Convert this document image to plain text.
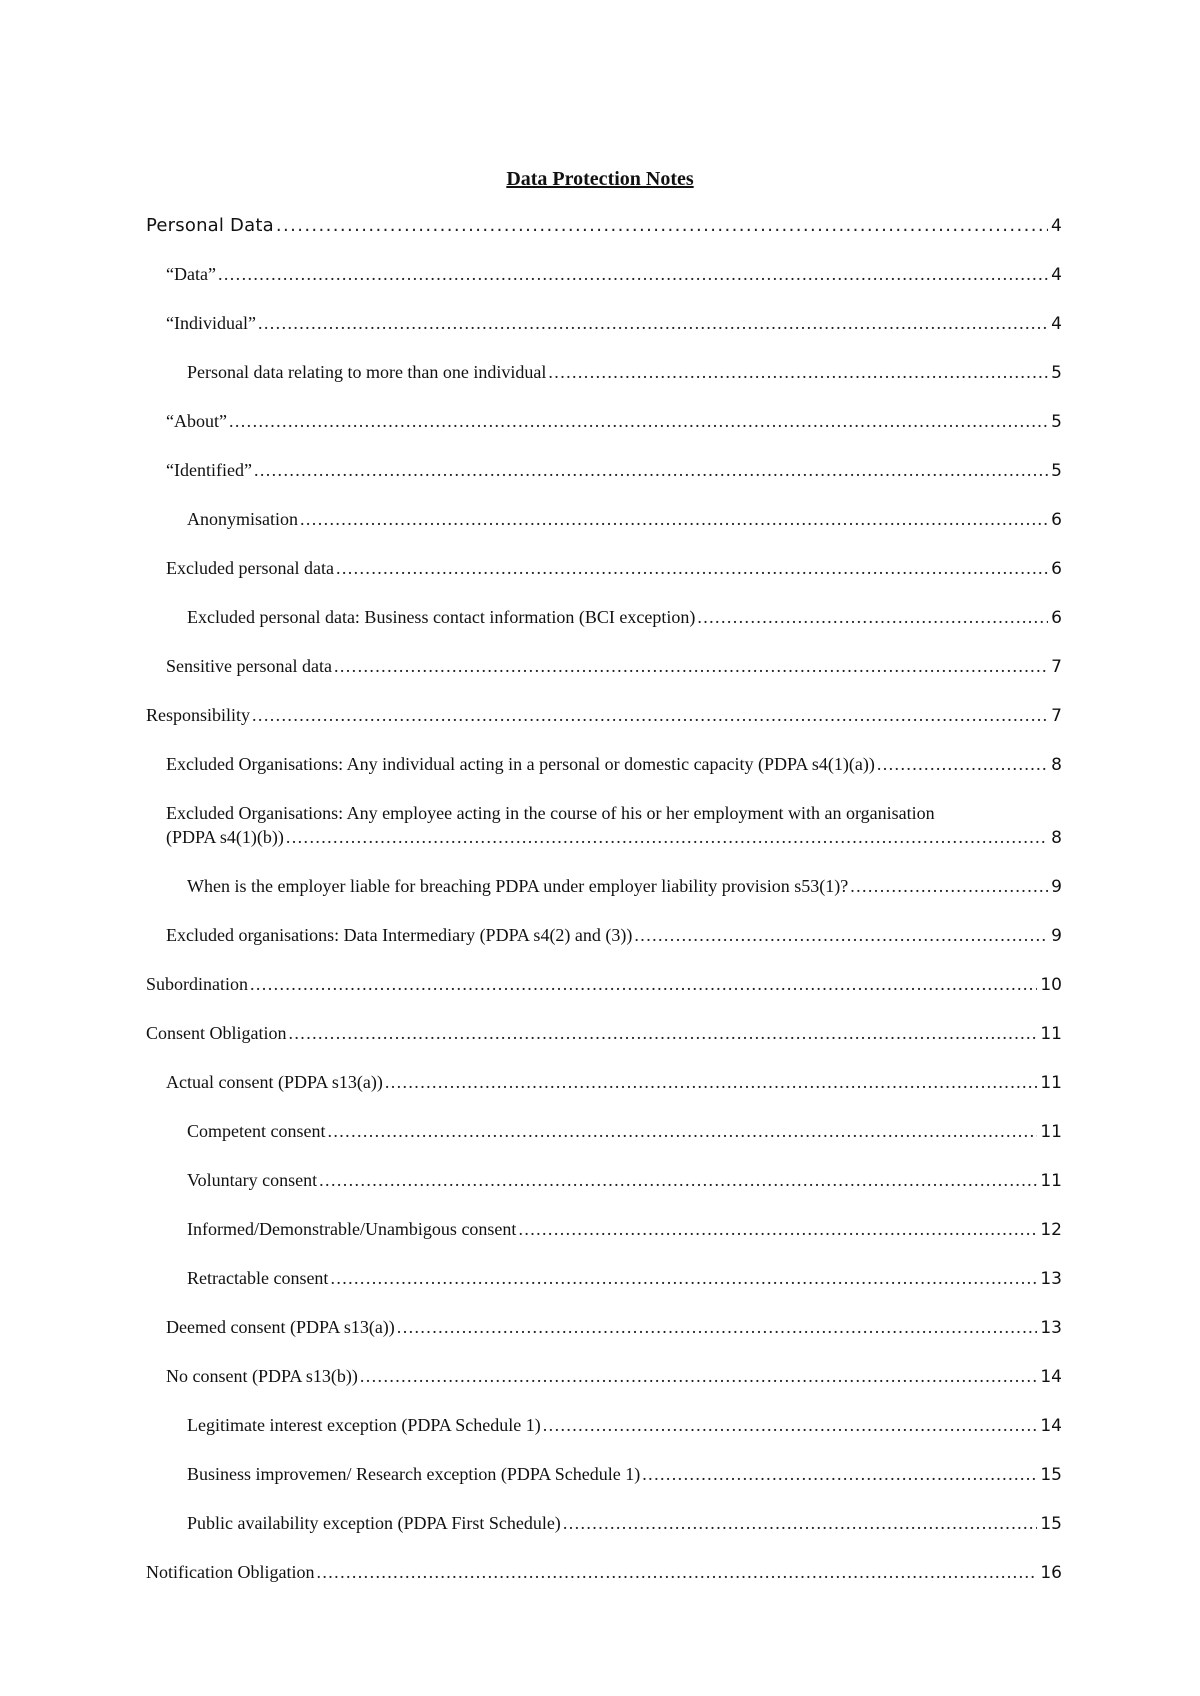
Data Protection Notes
Personal Data .....	4
“Data” .....	4
“Individual” .....	4
Personal data relating to more than one individual .....	5
“About” .....	5
“Identified” .....	5
Anonymisation .....	6
Excluded personal data .....	6
Excluded personal data: Business contact information (BCI exception) .....	6
Sensitive personal data .....	7
Responsibility .....	7
Excluded Organisations: Any individual acting in a personal or domestic capacity (PDPA s4(1)(a)) .....	8
Excluded Organisations: Any employee acting in the course of his or her employment with an organisation
(PDPA s4(1)(b)) .....	8
When is the employer liable for breaching PDPA under employer liability provision s53(1)? .....	9
Excluded organisations: Data Intermediary (PDPA s4(2) and (3)) .....	9
Subordination .....	10
Consent Obligation .....	11
Actual consent (PDPA s13(a)) .....	11
Competent consent .....	11
Voluntary consent .....	11
Informed/Demonstrable/Unambigous consent .....	12
Retractable consent .....	13
Deemed consent (PDPA s13(a)) .....	13
No consent (PDPA s13(b)) .....	14
Legitimate interest exception (PDPA Schedule 1) .....	14
Business improvemen/ Research exception (PDPA Schedule 1) .....	15
Public availability exception (PDPA First Schedule) .....	15
Notification Obligation .....	16
